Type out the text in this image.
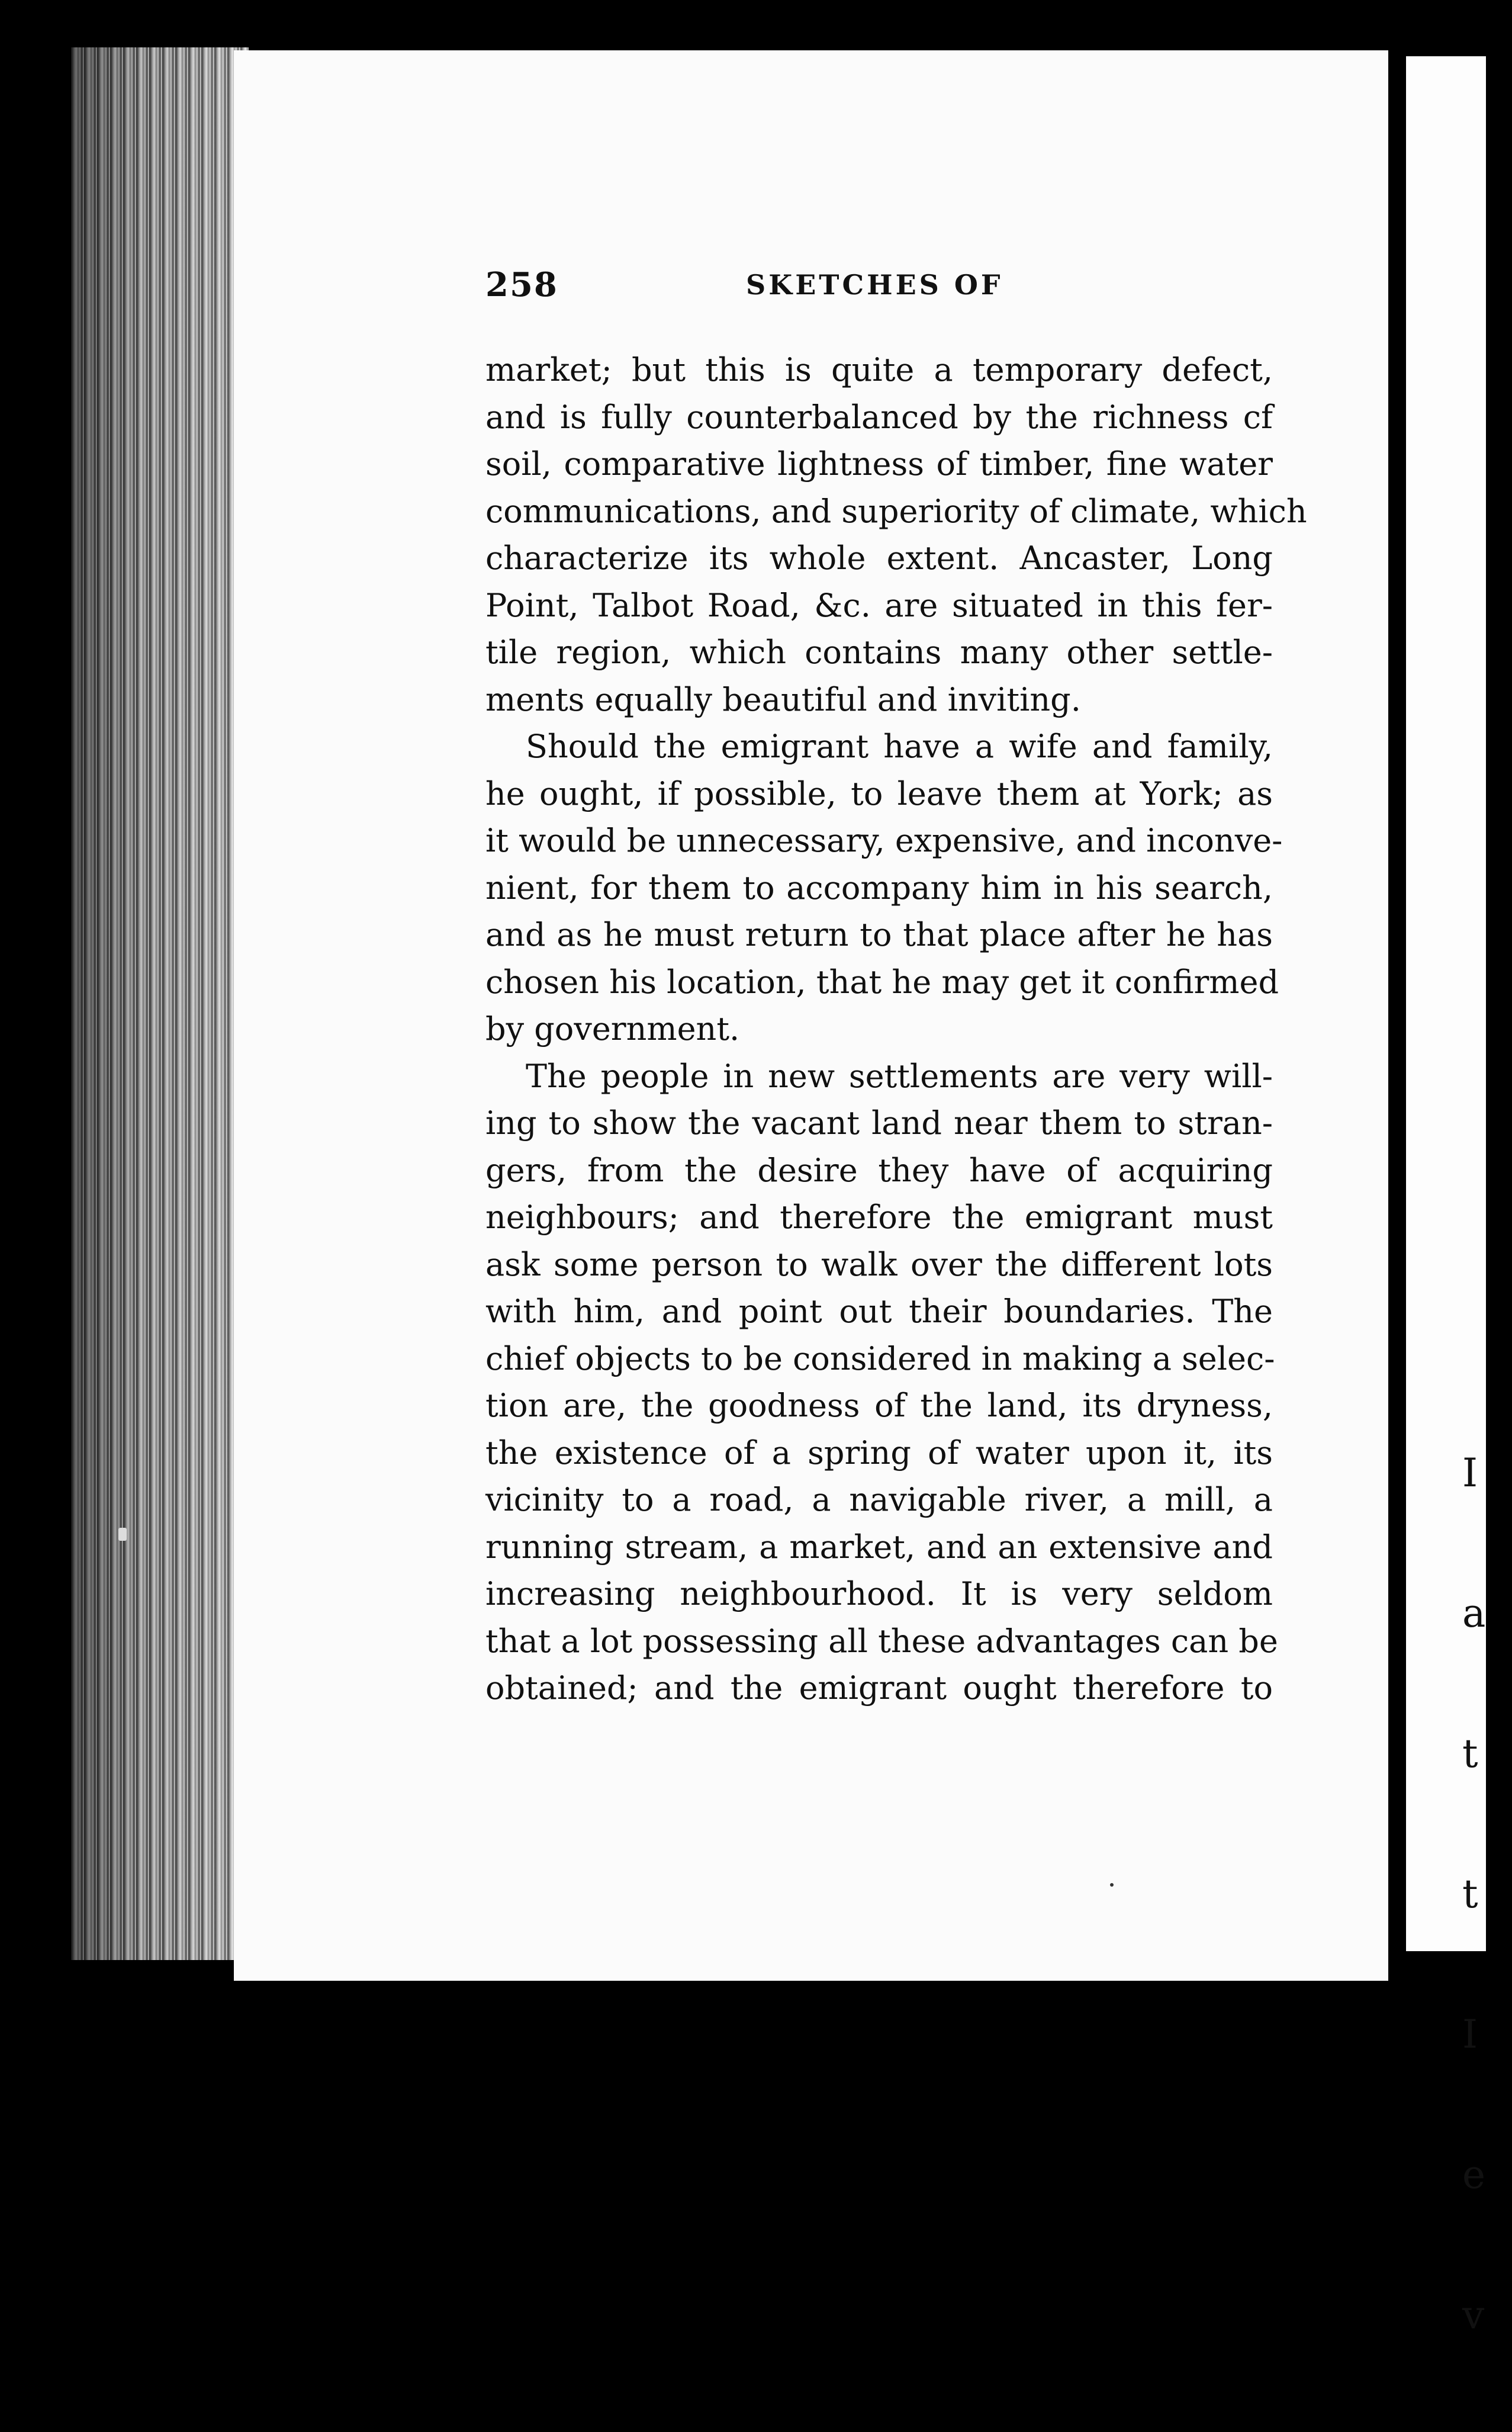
I

a

t

t

I

e

v

258	SKETCHES OF
market; but this is quite a temporary defect,
and is fully counterbalanced by the richness cf
soil, comparative lightness of timber, fine water
communications, and superiority of climate, which
characterize its whole extent. Ancaster, Long
Point, Talbot Road, &c. are situated in this fer-
tile region, which contains many other settle-
ments equally beautiful and inviting.
Should the emigrant have a wife and family,
he ought, if possible, to leave them at York; as
it would be unnecessary, expensive, and inconve-
nient, for them to accompany him in his search,
and as he must return to that place after he has
chosen his location, that he may get it confirmed
by government.
The people in new settlements are very will-
ing to show the vacant land near them to stran-
gers, from the desire they have of acquiring
neighbours; and therefore the emigrant must
ask some person to walk over the different lots
with him, and point out their boundaries. The
chief objects to be considered in making a selec-
tion are, the goodness of the land, its dryness,
the existence of a spring of water upon it, its
vicinity to a road, a navigable river, a mill, a
running stream, a market, and an extensive and
increasing neighbourhood. It is very seldom
that a lot possessing all these advantages can be
obtained; and the emigrant ought therefore to
